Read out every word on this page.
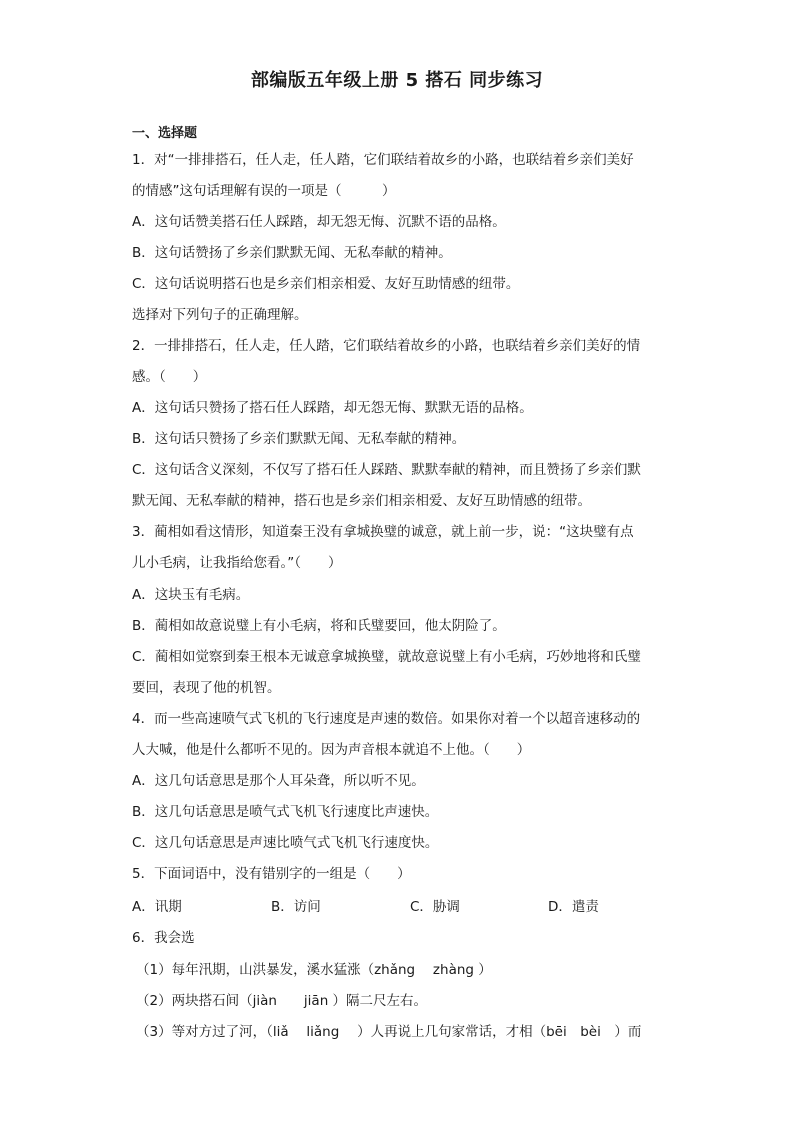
部编版五年级上册 5 搭石 同步练习
一、选择题
1．对“一排排搭石，任人走，任人踏，它们联结着故乡的小路，也联结着乡亲们美好
的情感”这句话理解有误的一项是（　　　）
A．这句话赞美搭石任人踩踏，却无怨无悔、沉默不语的品格。
B．这句话赞扬了乡亲们默默无闻、无私奉献的精神。
C．这句话说明搭石也是乡亲们相亲相爱、友好互助情感的纽带。
选择对下列句子的正确理解。
2．一排排搭石，任人走，任人踏，它们联结着故乡的小路，也联结着乡亲们美好的情
感。（　　）
A．这句话只赞扬了搭石任人踩踏，却无怨无悔、默默无语的品格。
B．这句话只赞扬了乡亲们默默无闻、无私奉献的精神。
C．这句话含义深刻，不仅写了搭石任人踩踏、默默奉献的精神，而且赞扬了乡亲们默
默无闻、无私奉献的精神，搭石也是乡亲们相亲相爱、友好互助情感的纽带。
3．蔺相如看这情形，知道秦王没有拿城换璧的诚意，就上前一步，说：“这块璧有点
儿小毛病，让我指给您看。”（　　）
A．这块玉有毛病。
B．蔺相如故意说璧上有小毛病，将和氏璧要回，他太阴险了。
C．蔺相如觉察到秦王根本无诚意拿城换璧，就故意说璧上有小毛病，巧妙地将和氏璧
要回，表现了他的机智。
4．而一些高速喷气式飞机的飞行速度是声速的数倍。如果你对着一个以超音速移动的
人大喊，他是什么都听不见的。因为声音根本就追不上他。（　　）
A．这几句话意思是那个人耳朵聋，所以听不见。
B．这几句话意思是喷气式飞机飞行速度比声速快。
C．这几句话意思是声速比喷气式飞机飞行速度快。
5．下面词语中，没有错别字的一组是（　　）
A．讯期	B．访问	C．胁调	D．遣责
6．我会选
（1）每年汛期，山洪暴发，溪水猛涨（zhǎng　 zhàng ）
（2）两块搭石间（jiàn　　jiān ）隔二尺左右。
（3）等对方过了河，（liǎ　 liǎng　 ）人再说上几句家常话，才相（bēi　bèi　）而
